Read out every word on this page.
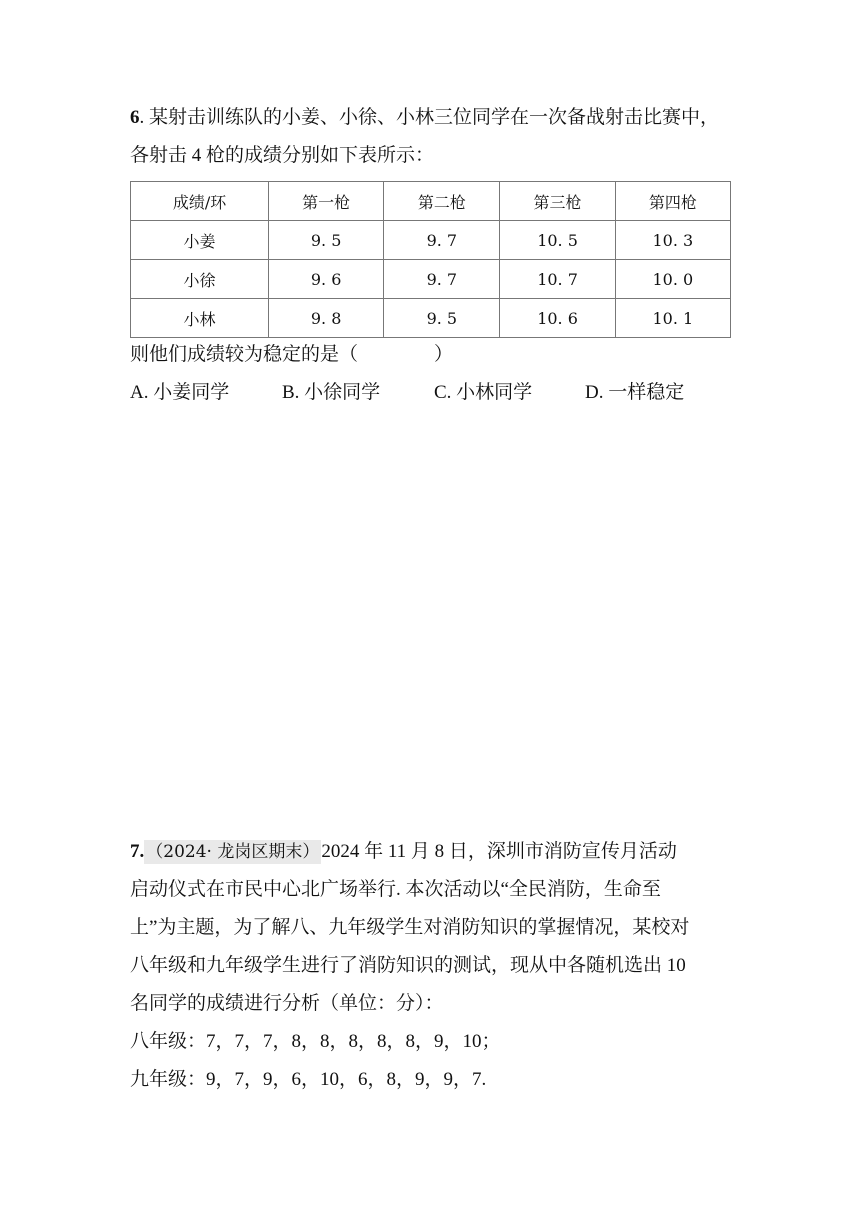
6. 某射击训练队的小姜、小徐、小林三位同学在一次备战射击比赛中，
各射击 4 枪的成绩分别如下表所示：
成绩/环	第一枪	第二枪	第三枪	第四枪
小姜	9. 5	9. 7	10. 5	10. 3
小徐	9. 6	9. 7	10. 7	10. 0
小林	9. 8	9. 5	10. 6	10. 1
则他们成绩较为稳定的是（　　　　）
A. 小姜同学	B. 小徐同学	C. 小林同学	D. 一样稳定
7. （2024· 龙岗区期末） 2024 年 11 月 8 日，深圳市消防宣传月活动
启动仪式在市民中心北广场举行. 本次活动以“全民消防，生命至
上”为主题，为了解八、九年级学生对消防知识的掌握情况，某校对
八年级和九年级学生进行了消防知识的测试，现从中各随机选出 10
名同学的成绩进行分析（单位：分）：
八年级：7，7，7，8，8，8，8，8，9，10；
九年级：9，7，9，6，10，6，8，9，9，7.
